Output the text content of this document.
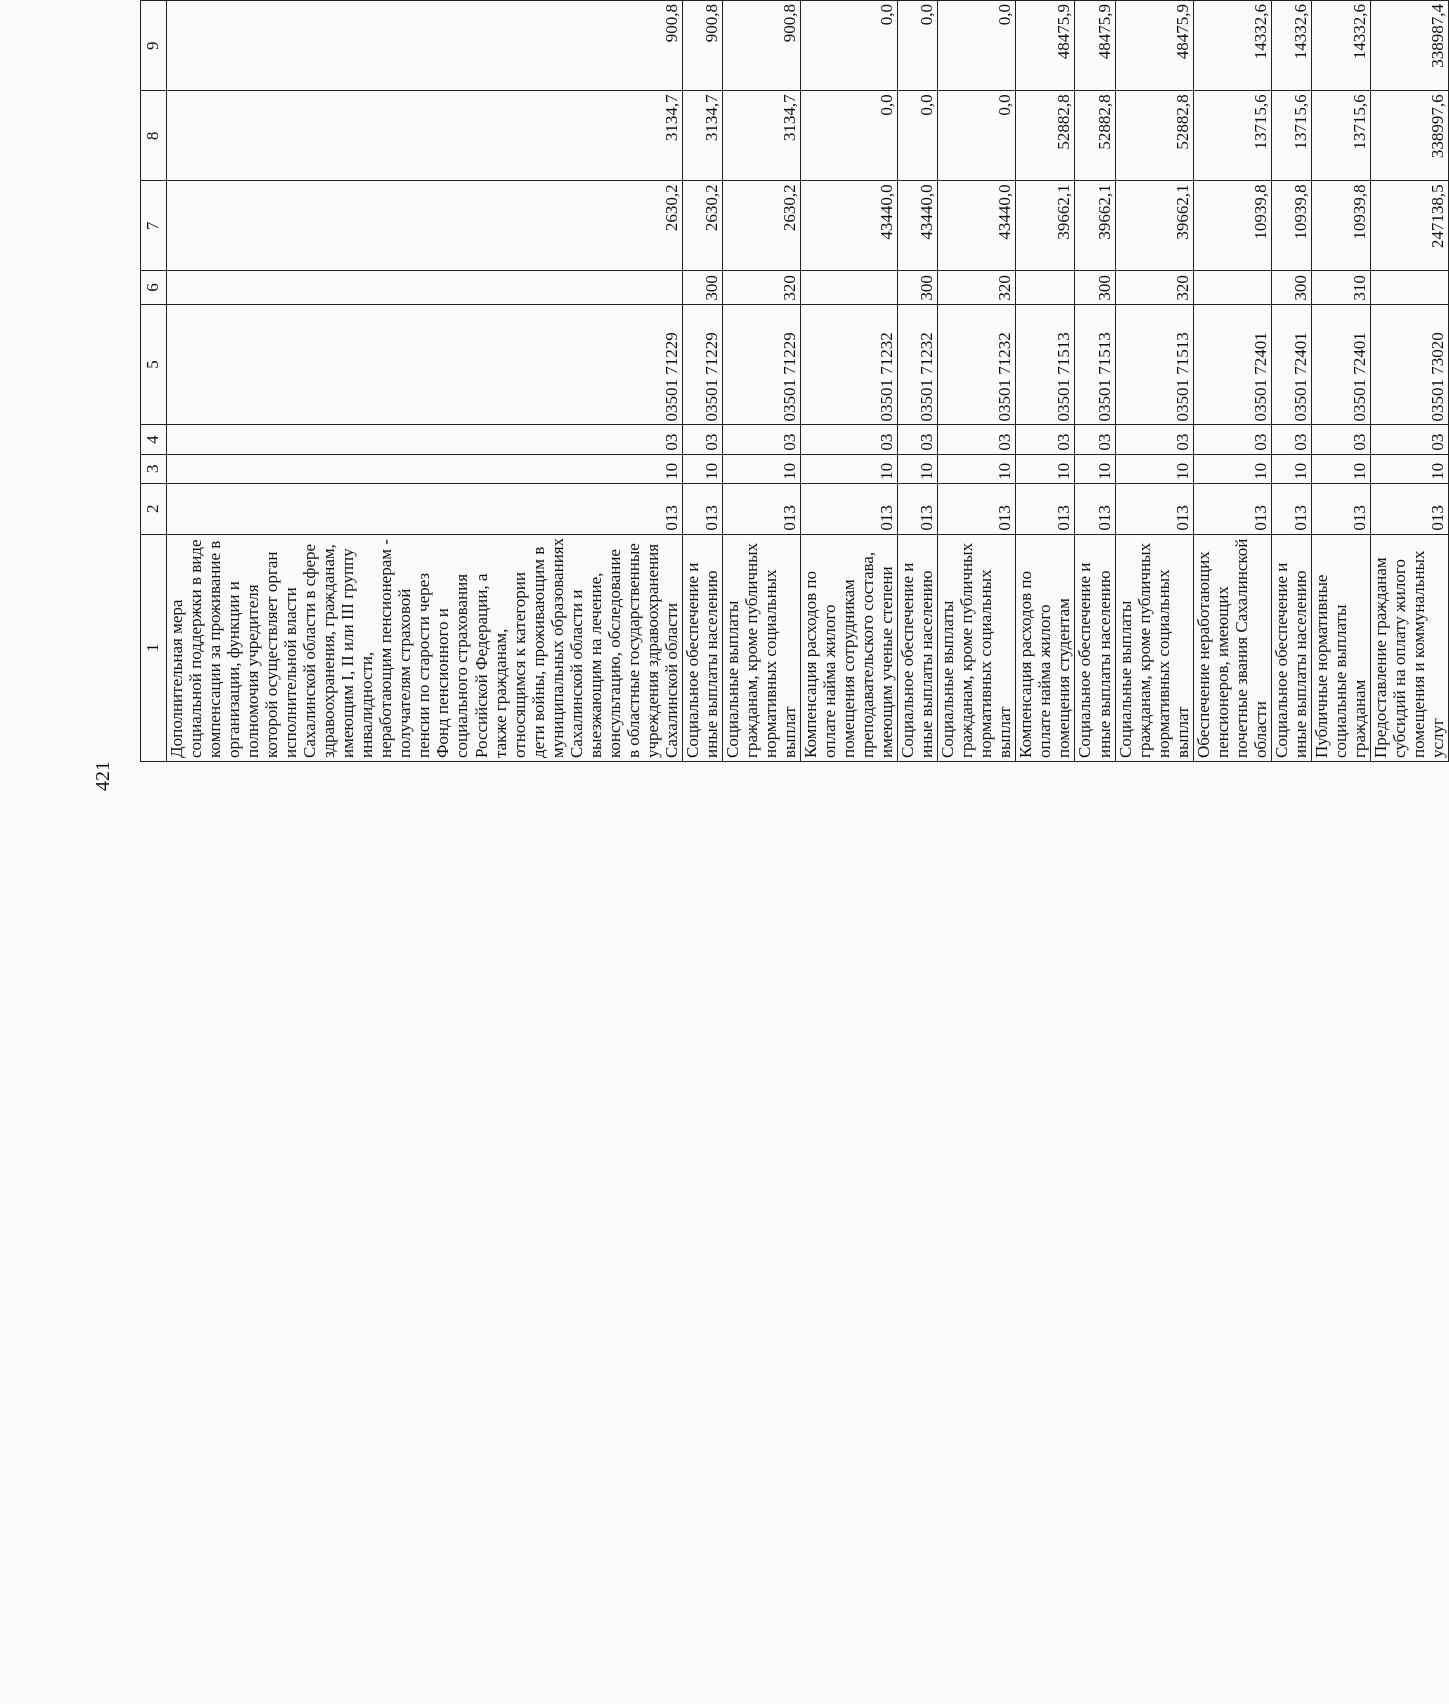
421
1	2	3	4	5	6	7	8	9
Дополнительная мера социальной поддержки в виде компенсации за проживание в организации, функции и полномочия учредителя которой осуществляет орган исполнительной власти Сахалинской области в сфере здравоохранения, гражданам, имеющим I, II или III группу инвалидности, неработающим пенсионерам - получателям страховой пенсии по старости через Фонд пенсионного и социального страхования Российской Федерации, а также гражданам, относящимся к категории дети войны, проживающим в муниципальных образованиях Сахалинской области и выезжающим на лечение, консультацию, обследование в областные государственные учреждения здравоохранения Сахалинской области	013	10	03	03501 71229		2630,2	3134,7	900,8
Социальное обеспечение и иные выплаты населению	013	10	03	03501 71229	300	2630,2	3134,7	900,8
Социальные выплаты гражданам, кроме публичных нормативных социальных выплат	013	10	03	03501 71229	320	2630,2	3134,7	900,8
Компенсация расходов по оплате найма жилого помещения сотрудникам преподавательского состава, имеющим ученые степени	013	10	03	03501 71232		43440,0	0,0	0,0
Социальное обеспечение и иные выплаты населению	013	10	03	03501 71232	300	43440,0	0,0	0,0
Социальные выплаты гражданам, кроме публичных нормативных социальных выплат	013	10	03	03501 71232	320	43440,0	0,0	0,0
Компенсация расходов по оплате найма жилого помещения студентам	013	10	03	03501 71513		39662,1	52882,8	48475,9
Социальное обеспечение и иные выплаты населению	013	10	03	03501 71513	300	39662,1	52882,8	48475,9
Социальные выплаты гражданам, кроме публичных нормативных социальных выплат	013	10	03	03501 71513	320	39662,1	52882,8	48475,9
Обеспечение неработающих пенсионеров, имеющих почетные звания Сахалинской области	013	10	03	03501 72401		10939,8	13715,6	14332,6
Социальное обеспечение и иные выплаты населению	013	10	03	03501 72401	300	10939,8	13715,6	14332,6
Публичные нормативные социальные выплаты гражданам	013	10	03	03501 72401	310	10939,8	13715,6	14332,6
Предоставление гражданам субсидий на оплату жилого помещения и коммунальных услуг	013	10	03	03501 73020		247138,5	338997,6	338987,4
